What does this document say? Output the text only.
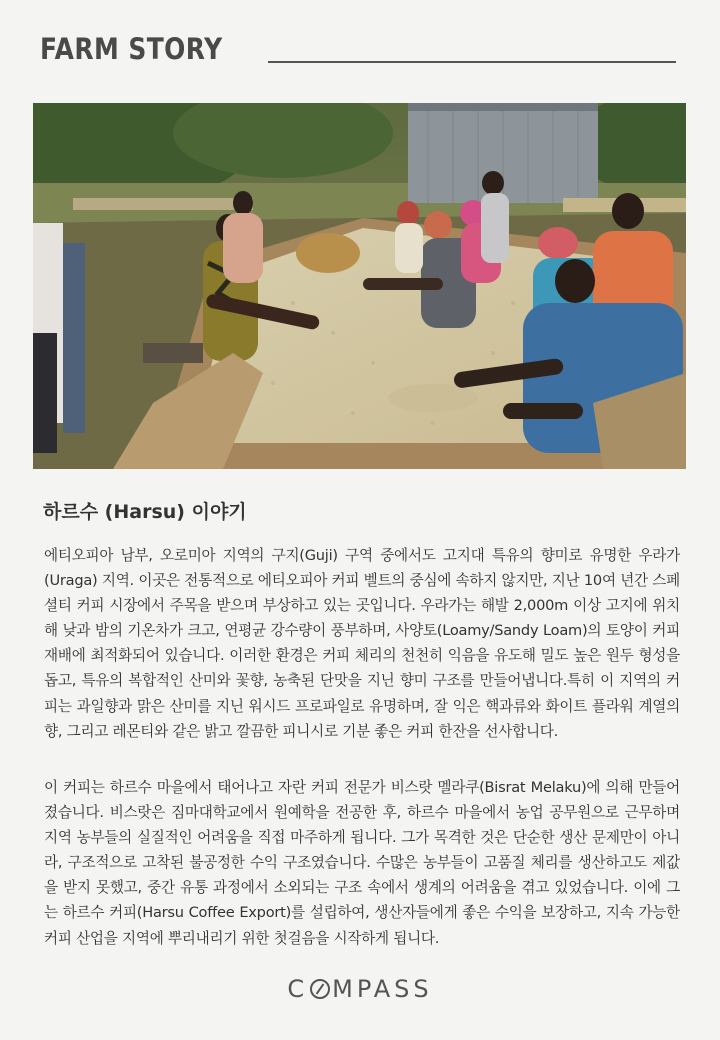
FARM STORY
하르수 (Harsu) 이야기

에티오피아 남부, 오로미아 지역의 구지(Guji) 구역 중에서도 고지대 특유의 향미로 유명한 우라가(Uraga) 지역. 이곳은 전통적으로 에티오피아 커피 벨트의 중심에 속하지 않지만, 지난 10여 년간 스페셜티 커피 시장에서 주목을 받으며 부상하고 있는 곳입니다. 우라가는 해발 2,000m 이상 고지에 위치해 낮과 밤의 기온차가 크고, 연평균 강수량이 풍부하며, 사양토(Loamy/Sandy Loam)의 토양이 커피 재배에 최적화되어 있습니다. 이러한 환경은 커피 체리의 천천히 익음을 유도해 밀도 높은 원두 형성을 돕고, 특유의 복합적인 산미와 꽃향, 농축된 단맛을 지닌 향미 구조를 만들어냅니다.특히 이 지역의 커피는 과일향과 맑은 산미를 지닌 워시드 프로파일로 유명하며, 잘 익은 핵과류와 화이트 플라워 계열의 향, 그리고 레몬티와 같은 밝고 깔끔한 피니시로 기분 좋은 커피 한잔을 선사합니다.

이 커피는 하르수 마을에서 태어나고 자란 커피 전문가 비스랏 멜라쿠(Bisrat Melaku)에 의해 만들어졌습니다. 비스랏은 짐마대학교에서 원예학을 전공한 후, 하르수 마을에서 농업 공무원으로 근무하며 지역 농부들의 실질적인 어려움을 직접 마주하게 됩니다. 그가 목격한 것은 단순한 생산 문제만이 아니라, 구조적으로 고착된 불공정한 수익 구조였습니다. 수많은 농부들이 고품질 체리를 생산하고도 제값을 받지 못했고, 중간 유통 과정에서 소외되는 구조 속에서 생계의 어려움을 겪고 있었습니다. 이에 그는 하르수 커피(Harsu Coffee Export)를 설립하여, 생산자들에게 좋은 수익을 보장하고, 지속 가능한 커피 산업을 지역에 뿌리내리기 위한 첫걸음을 시작하게 됩니다.

C MPASS
